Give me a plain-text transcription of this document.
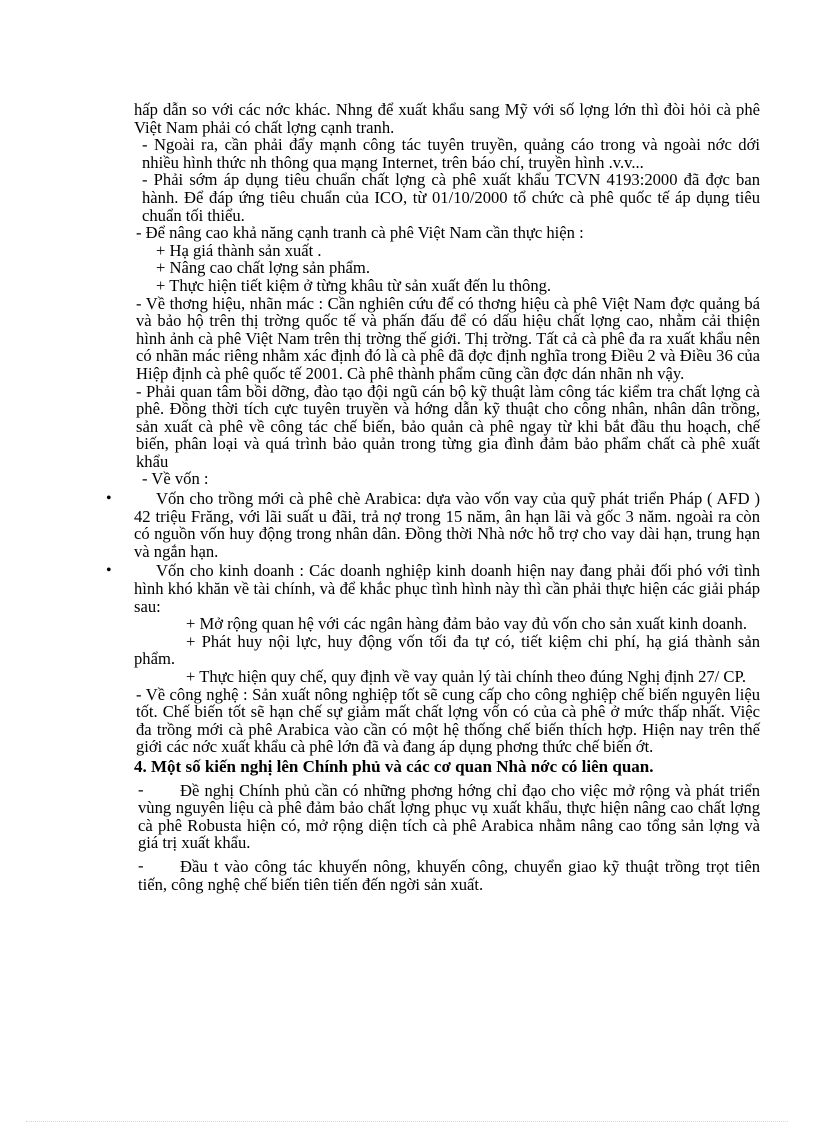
hấp dẫn so với các nớc khác. Nhng để xuất khẩu sang Mỹ với số lợng lớn thì đòi hỏi cà phê Việt Nam phải có chất lợng cạnh tranh.

- Ngoài ra, cần phải đẩy mạnh công tác tuyên truyền, quảng cáo trong và ngoài nớc dới nhiều hình thức nh thông qua mạng Internet, trên báo chí, truyền hình .v.v...

- Phải sớm áp dụng tiêu chuẩn chất lợng cà phê xuất khẩu TCVN 4193:2000 đã đợc ban hành. Để đáp ứng tiêu chuẩn của ICO, từ 01/10/2000 tổ chức cà phê quốc tế áp dụng tiêu chuẩn tối thiểu.

- Để nâng cao khả năng cạnh tranh cà phê Việt Nam cần thực hiện :

+ Hạ giá thành sản xuất .

+ Nâng cao chất lợng sản phẩm.

+ Thực hiện tiết kiệm ở từng khâu từ sản xuất đến lu thông.

- Về thơng hiệu, nhãn mác : Cần nghiên cứu để có thơng hiệu cà phê Việt Nam đợc quảng bá và bảo hộ trên thị trờng quốc tế và phấn đấu để có dấu hiệu chất lợng cao, nhằm cải thiện hình ảnh cà phê Việt Nam trên thị trờng thế giới. Thị trờng. Tất cả cà phê đa ra xuất khẩu nên có nhãn mác riêng nhằm xác định đó là cà phê đã đợc định nghĩa trong Điều 2 và Điều 36 của Hiệp định cà phê quốc tế 2001. Cà phê thành phẩm cũng cần đợc dán nhãn nh vậy.

- Phải quan tâm bồi dỡng, đào tạo đội ngũ cán bộ kỹ thuật làm công tác kiểm tra chất lợng cà phê. Đồng thời tích cực tuyên truyền và hớng dẫn kỹ thuật cho công nhân, nhân dân trồng, sản xuất cà phê về công tác chế biến, bảo quản cà phê ngay từ khi bắt đầu thu hoạch, chế biến, phân loại và quá trình bảo quản trong từng gia đình đảm bảo phẩm chất cà phê xuất khẩu

- Về vốn :

•	Vốn cho trồng mới cà phê chè Arabica: dựa vào vốn vay của quỹ phát triển Pháp ( AFD ) 42 triệu Frăng, với lãi suất u đãi, trả nợ trong 15 năm, ân hạn lãi và gốc 3 năm. ngoài ra còn có nguồn vốn huy động trong nhân dân. Đồng thời Nhà nớc hỗ trợ cho vay dài hạn, trung hạn và ngắn hạn.

•	Vốn cho kinh doanh : Các doanh nghiệp kinh doanh hiện nay đang phải đối phó với tình hình khó khăn về tài chính, và để khắc phục tình hình này thì cần phải thực hiện các giải pháp sau:

+ Mở rộng quan hệ với các ngân hàng đảm bảo vay đủ vốn cho sản xuất kinh doanh.

+ Phát huy nội lực, huy động vốn tối đa tự có, tiết kiệm chi phí, hạ giá thành sản phẩm.

+ Thực hiện quy chế, quy định về vay quản lý tài chính theo đúng Nghị định 27/ CP.

- Về công nghệ : Sản xuất nông nghiệp tốt sẽ cung cấp cho công nghiệp chế biến nguyên liệu tốt. Chế biến tốt sẽ hạn chế sự giảm mất chất lợng vốn có của cà phê ở mức thấp nhất. Việc đa trồng mới cà phê Arabica vào cần có một hệ thống chế biến thích hợp. Hiện nay trên thế giới các nớc xuất khẩu cà phê lớn đã và đang áp dụng phơng thức chế biến ớt.

4. Một số kiến nghị lên Chính phủ và các cơ quan Nhà nớc có liên quan.

- Đề nghị Chính phủ cần có những phơng hớng chỉ đạo cho việc mở rộng và phát triển vùng nguyên liệu cà phê đảm bảo chất lợng phục vụ xuất khẩu, thực hiện nâng cao chất lợng cà phê Robusta hiện có, mở rộng diện tích cà phê Arabica nhằm nâng cao tổng sản lợng và giá trị xuất khẩu.

- Đầu t vào công tác khuyến nông, khuyến công, chuyển giao kỹ thuật trồng trọt tiên tiến, công nghệ chế biến tiên tiến đến ngời sản xuất.
